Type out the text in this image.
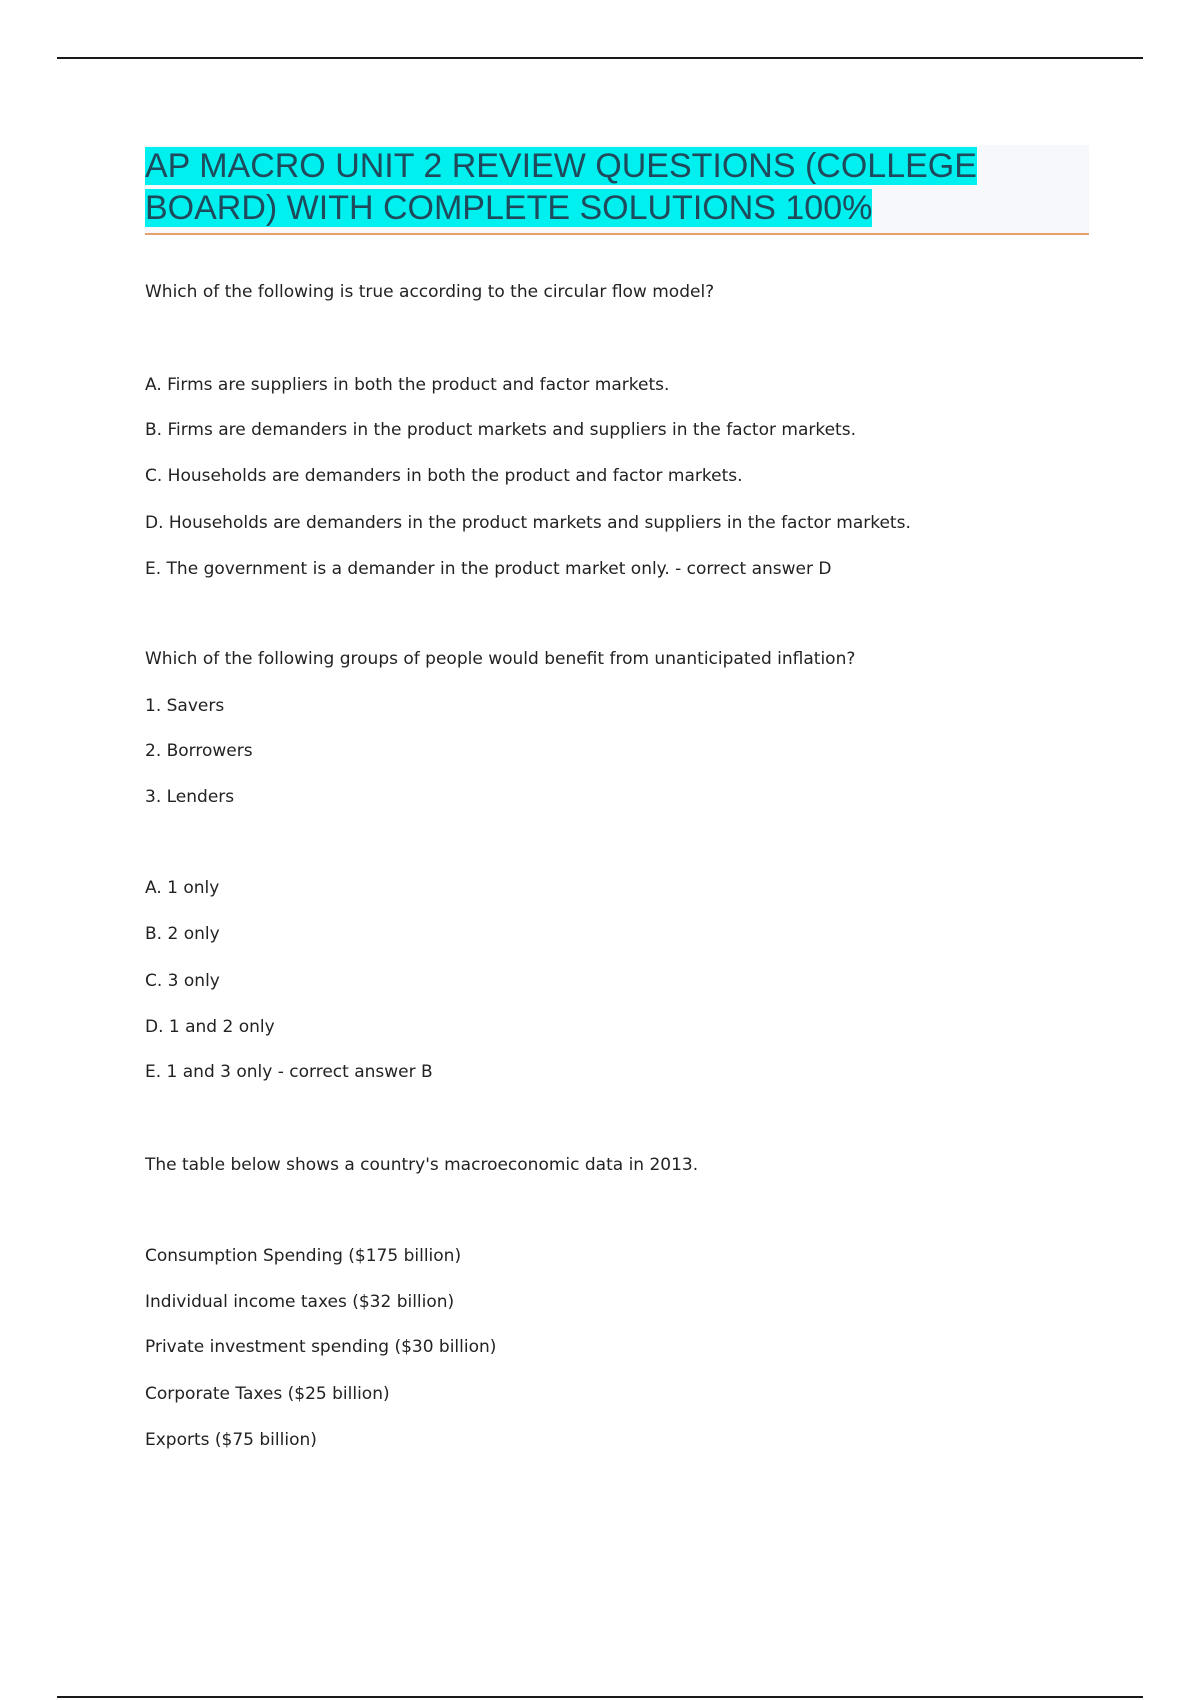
AP MACRO UNIT 2 REVIEW QUESTIONS (COLLEGE BOARD) WITH COMPLETE SOLUTIONS 100%

Which of the following is true according to the circular flow model?

A. Firms are suppliers in both the product and factor markets.

B. Firms are demanders in the product markets and suppliers in the factor markets.

C. Households are demanders in both the product and factor markets.

D. Households are demanders in the product markets and suppliers in the factor markets.

E. The government is a demander in the product market only. - correct answer D

Which of the following groups of people would benefit from unanticipated inflation?

1. Savers

2. Borrowers

3. Lenders

A. 1 only

B. 2 only

C. 3 only

D. 1 and 2 only

E. 1 and 3 only - correct answer B

The table below shows a country's macroeconomic data in 2013.

Consumption Spending ($175 billion)

Individual income taxes ($32 billion)

Private investment spending ($30 billion)

Corporate Taxes ($25 billion)

Exports ($75 billion)
